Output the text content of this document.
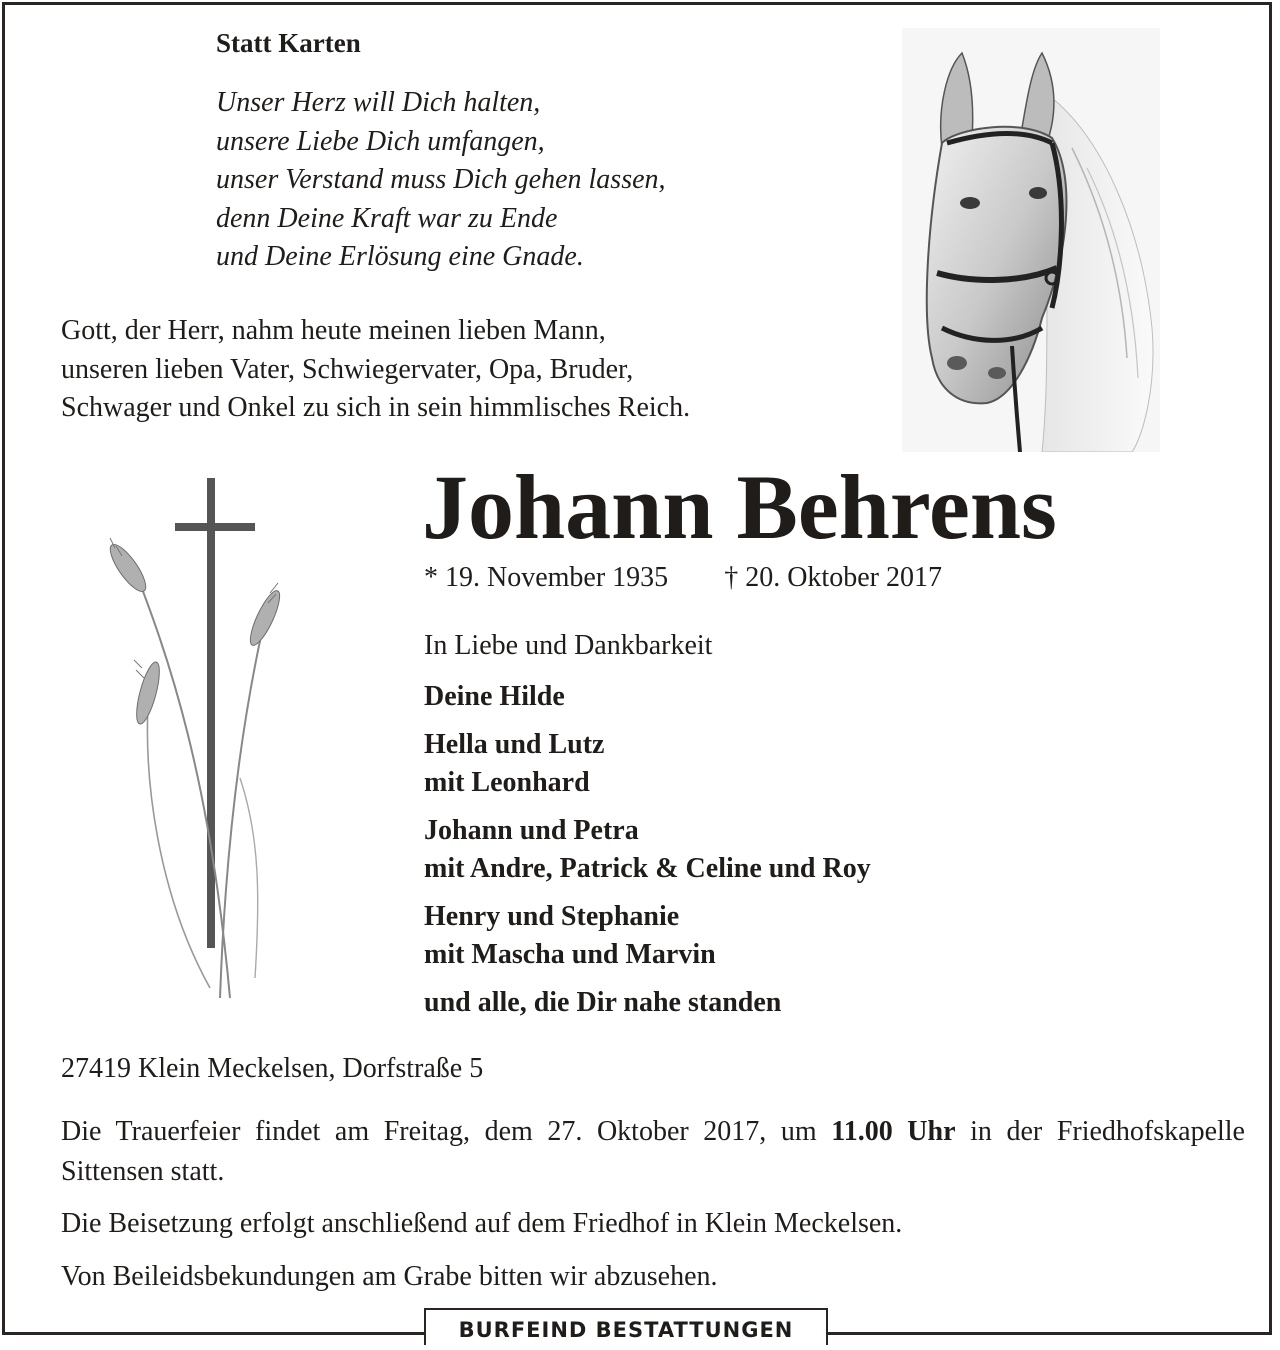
Statt Karten
Unser Herz will Dich halten,
unsere Liebe Dich umfangen,
unser Verstand muss Dich gehen lassen,
denn Deine Kraft war zu Ende
und Deine Erlösung eine Gnade.
Gott, der Herr, nahm heute meinen lieben Mann,
unseren lieben Vater, Schwiegervater, Opa, Bruder,
Schwager und Onkel zu sich in sein himmlisches Reich.
Johann Behrens
* 19. November 1935 † 20. Oktober 2017
In Liebe und Dankbarkeit
Deine Hilde
Hella und Lutz
mit Leonhard
Johann und Petra
mit Andre, Patrick & Celine und Roy
Henry und Stephanie
mit Mascha und Marvin
und alle, die Dir nahe standen
27419 Klein Meckelsen, Dorfstraße 5
Die Trauerfeier findet am Freitag, dem 27. Oktober 2017, um 11.00 Uhr in der Friedhofskapelle Sittensen statt.
Die Beisetzung erfolgt anschließend auf dem Friedhof in Klein Meckelsen.
Von Beileidsbekundungen am Grabe bitten wir abzusehen.
BURFEIND BESTATTUNGEN
